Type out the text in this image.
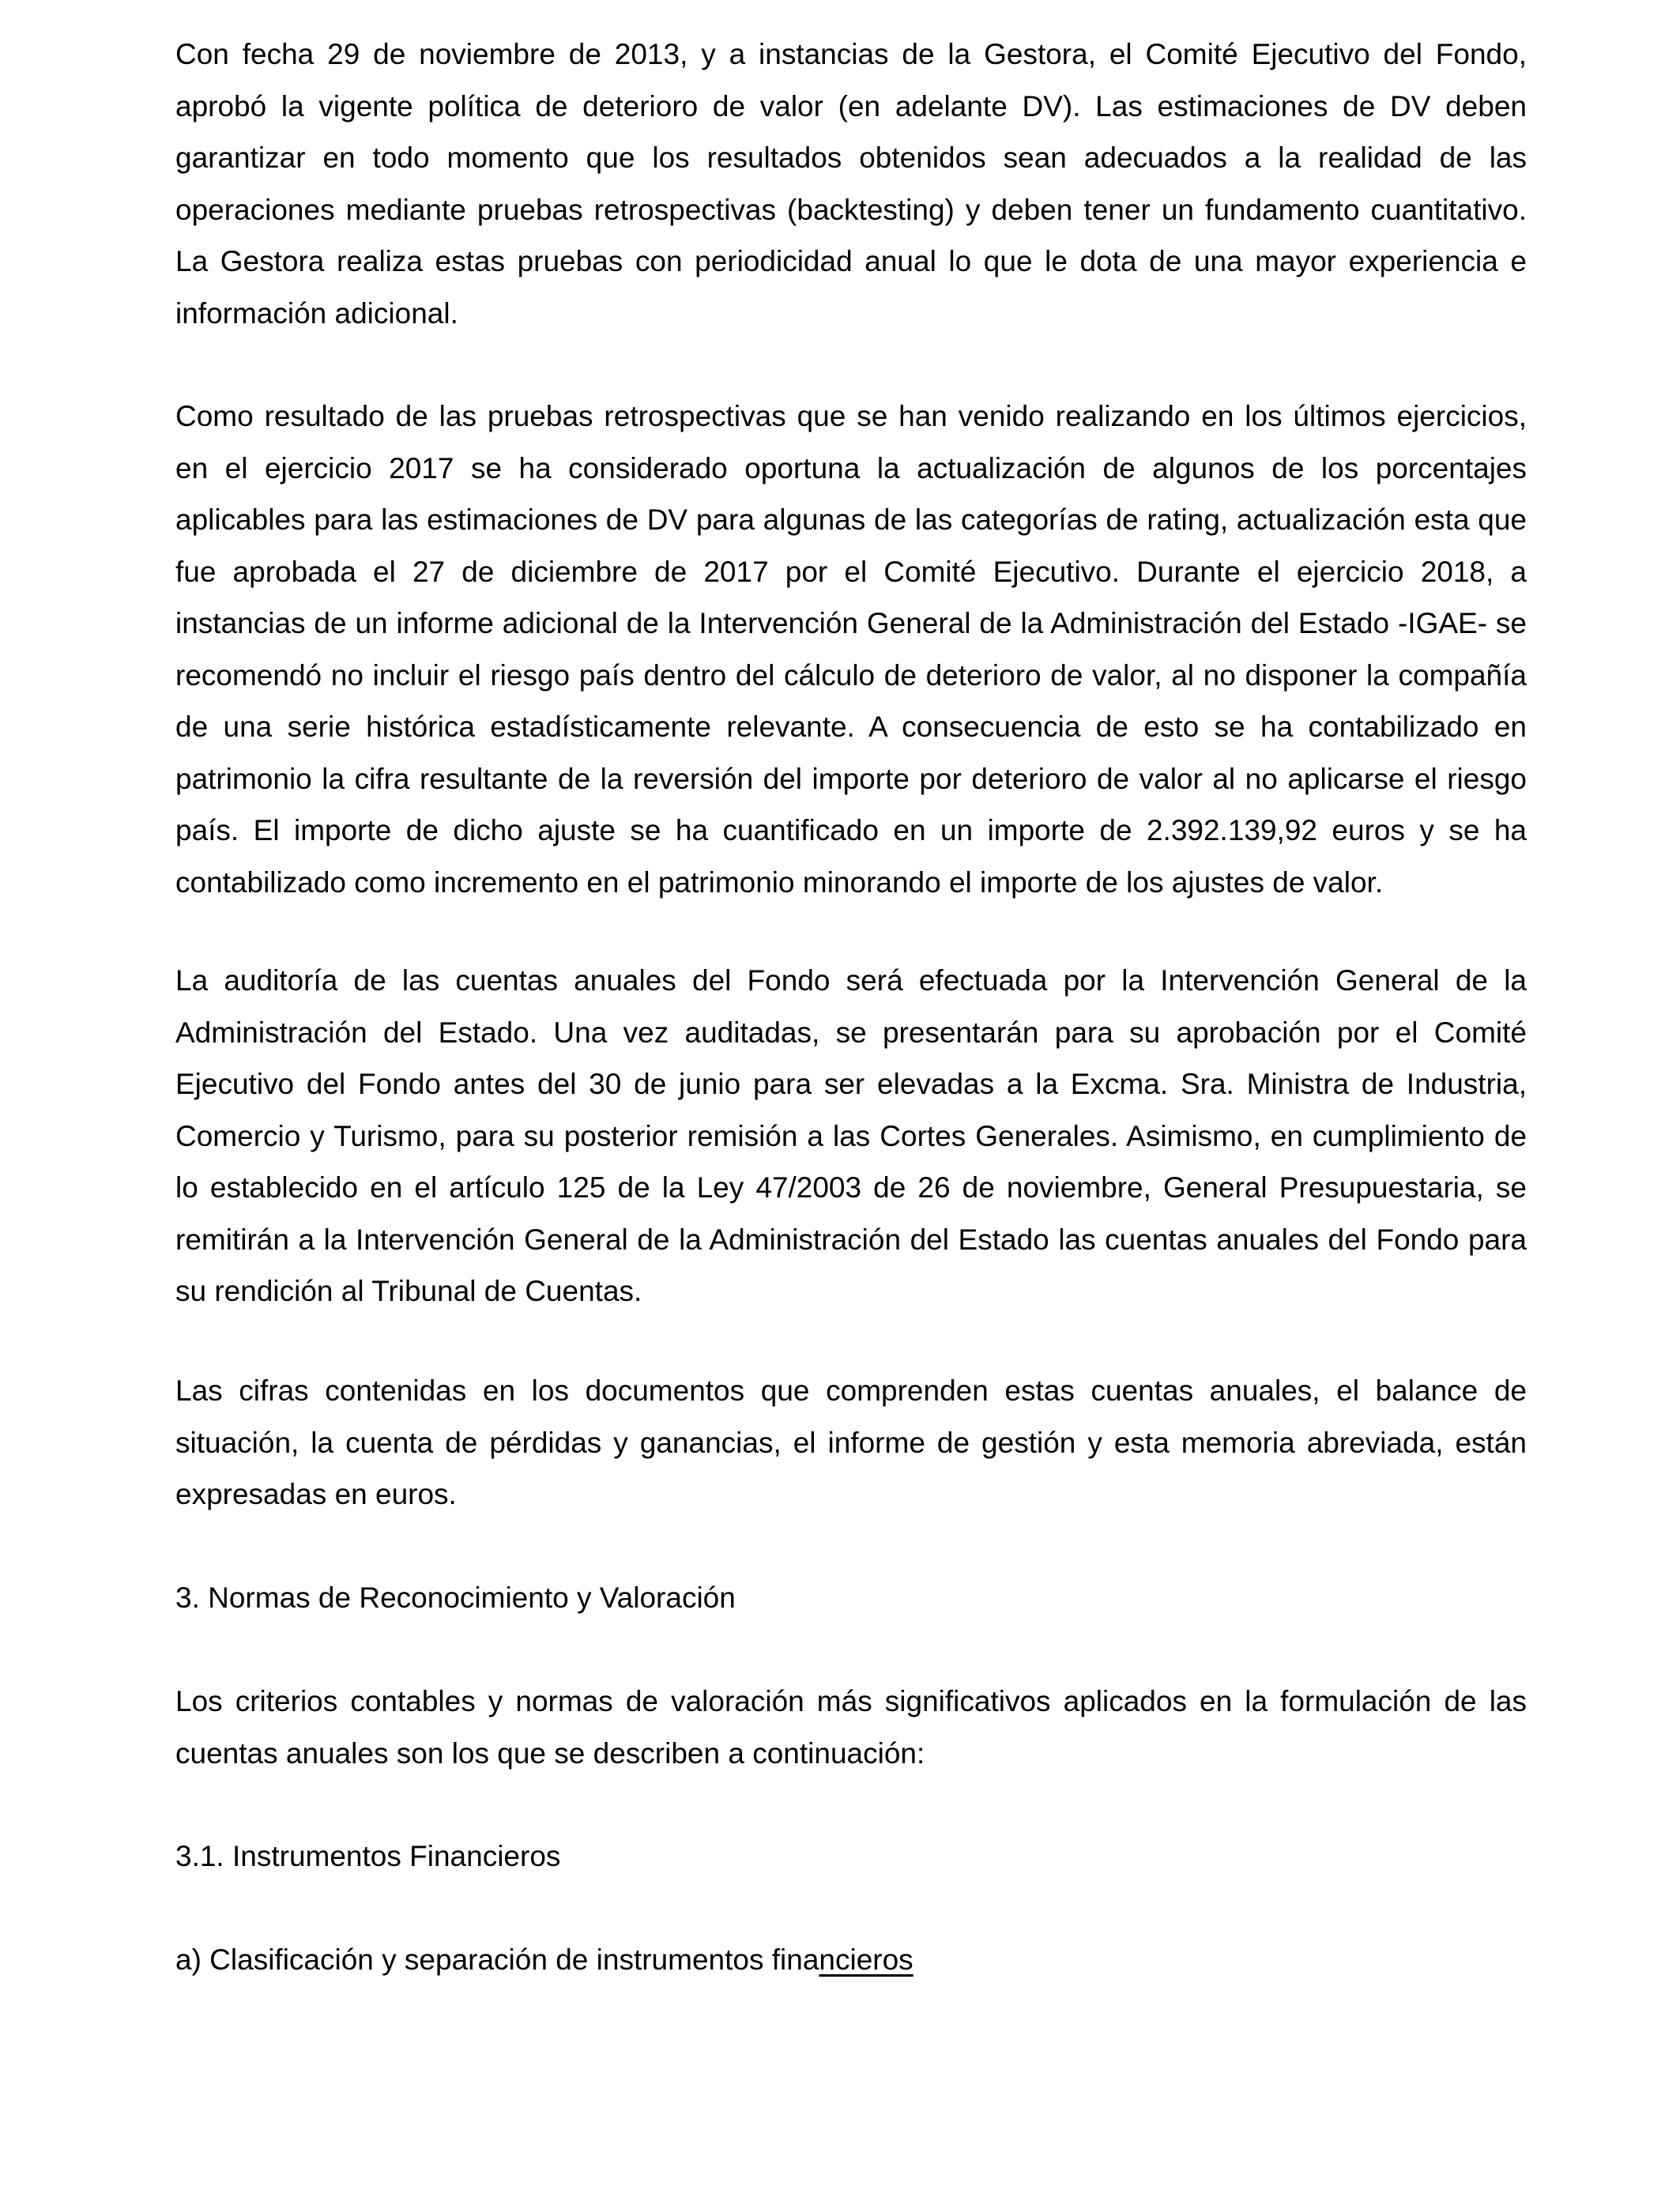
Con fecha 29 de noviembre de 2013, y a instancias de la Gestora, el Comité Ejecutivo del Fondo, aprobó la vigente política de deterioro de valor (en adelante DV). Las estimaciones de DV deben garantizar en todo momento que los resultados obtenidos sean adecuados a la realidad de las operaciones mediante pruebas retrospectivas (backtesting) y deben tener un fundamento cuantitativo. La Gestora realiza estas pruebas con periodicidad anual lo que le dota de una mayor experiencia e información adicional.

Como resultado de las pruebas retrospectivas que se han venido realizando en los últimos ejercicios, en el ejercicio 2017 se ha considerado oportuna la actualización de algunos de los porcentajes aplicables para las estimaciones de DV para algunas de las categorías de rating, actualización esta que fue aprobada el 27 de diciembre de 2017 por el Comité Ejecutivo. Durante el ejercicio 2018, a instancias de un informe adicional de la Intervención General de la Administración del Estado -IGAE- se recomendó no incluir el riesgo país dentro del cálculo de deterioro de valor, al no disponer la compañía de una serie histórica estadísticamente relevante. A consecuencia de esto se ha contabilizado en patrimonio la cifra resultante de la reversión del importe por deterioro de valor al no aplicarse el riesgo país. El importe de dicho ajuste se ha cuantificado en un importe de 2.392.139,92 euros y se ha contabilizado como incremento en el patrimonio minorando el importe de los ajustes de valor.

La auditoría de las cuentas anuales del Fondo será efectuada por la Intervención General de la Administración del Estado. Una vez auditadas, se presentarán para su aprobación por el Comité Ejecutivo del Fondo antes del 30 de junio para ser elevadas a la Excma. Sra. Ministra de Industria, Comercio y Turismo, para su posterior remisión a las Cortes Generales. Asimismo, en cumplimiento de lo establecido en el artículo 125 de la Ley 47/2003 de 26 de noviembre, General Presupuestaria, se remitirán a la Intervención General de la Administración del Estado las cuentas anuales del Fondo para su rendición al Tribunal de Cuentas.

Las cifras contenidas en los documentos que comprenden estas cuentas anuales, el balance de situación, la cuenta de pérdidas y ganancias, el informe de gestión y esta memoria abreviada, están expresadas en euros.

3. Normas de Reconocimiento y Valoración

Los criterios contables y normas de valoración más significativos aplicados en la formulación de las cuentas anuales son los que se describen a continuación:

3.1. Instrumentos Financieros

a) Clasificación y separación de instrumentos financieros
